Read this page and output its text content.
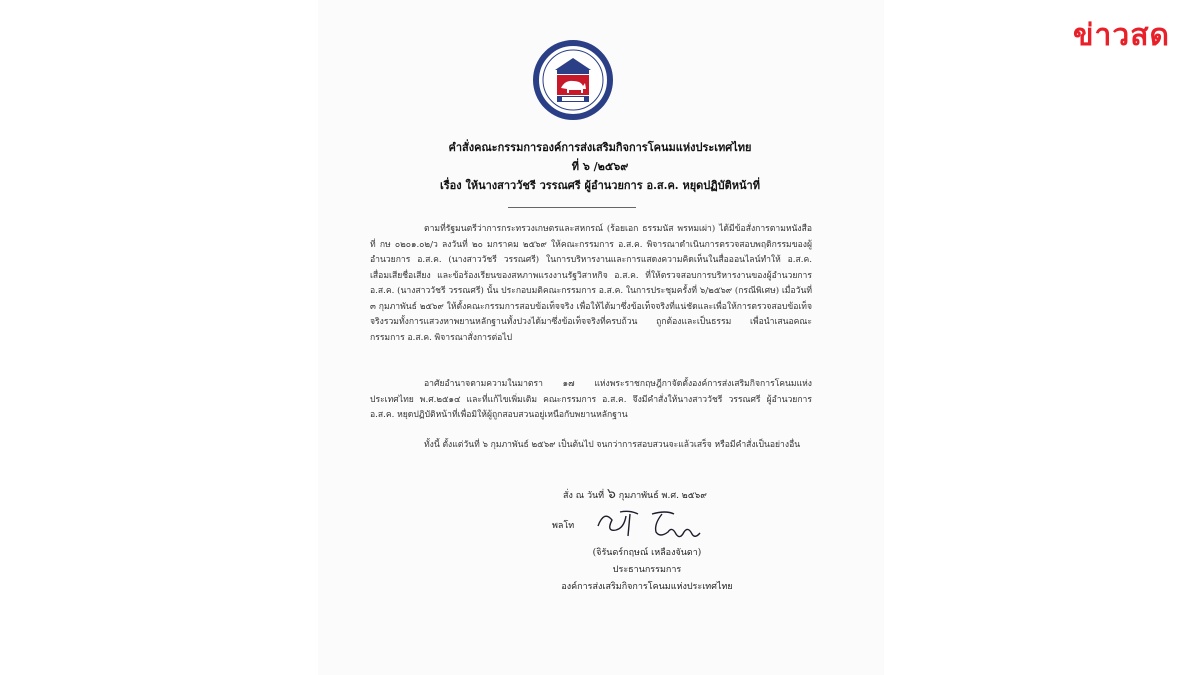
ข่าวสด
คำสั่งคณะกรรมการองค์การส่งเสริมกิจการโคนมแห่งประเทศไทย
ที่ ๖ /๒๕๖๙
เรื่อง ให้นางสาววัชรี วรรณศรี ผู้อำนวยการ อ.ส.ค. หยุดปฏิบัติหน้าที่

ตามที่รัฐมนตรีว่าการกระทรวงเกษตรและสหกรณ์ (ร้อยเอก ธรรมนัส พรหมเผ่า) ได้มีข้อสั่งการตามหนังสือที่ กษ ๐๒๐๑.๐๒/ว ลงวันที่ ๒๐ มกราคม ๒๕๖๙ ให้คณะกรรมการ อ.ส.ค. พิจารณาดำเนินการตรวจสอบพฤติกรรมของผู้อำนวยการ อ.ส.ค. (นางสาววัชรี วรรณศรี) ในการบริหารงานและการแสดงความคิดเห็นในสื่อออนไลน์ทำให้ อ.ส.ค. เสื่อมเสียชื่อเสียง และข้อร้องเรียนของสหภาพแรงงานรัฐวิสาหกิจ อ.ส.ค. ที่ให้ตรวจสอบการบริหารงานของผู้อำนวยการ อ.ส.ค. (นางสาววัชรี วรรณศรี) นั้น ประกอบมติคณะกรรมการ อ.ส.ค. ในการประชุมครั้งที่ ๖/๒๕๖๙ (กรณีพิเศษ) เมื่อวันที่ ๓ กุมภาพันธ์ ๒๕๖๙ ให้ตั้งคณะกรรมการสอบข้อเท็จจริง เพื่อให้ได้มาซึ่งข้อเท็จจริงที่แน่ชัดและเพื่อให้การตรวจสอบข้อเท็จจริงรวมทั้งการแสวงหาพยานหลักฐานทั้งปวงได้มาซึ่งข้อเท็จจริงที่ครบถ้วน ถูกต้องและเป็นธรรม เพื่อนำเสนอคณะกรรมการ อ.ส.ค. พิจารณาสั่งการต่อไป

อาศัยอำนาจตามความในมาตรา ๑๗ แห่งพระราชกฤษฎีกาจัดตั้งองค์การส่งเสริมกิจการโคนมแห่งประเทศไทย พ.ศ.๒๕๑๔ และที่แก้ไขเพิ่มเติม คณะกรรมการ อ.ส.ค. จึงมีคำสั่งให้นางสาววัชรี วรรณศรี ผู้อำนวยการ อ.ส.ค. หยุดปฏิบัติหน้าที่เพื่อมิให้ผู้ถูกสอบสวนอยู่เหนือกับพยานหลักฐาน

ทั้งนี้ ตั้งแต่วันที่ ๖ กุมภาพันธ์ ๒๕๖๙ เป็นต้นไป จนกว่าการสอบสวนจะแล้วเสร็จ หรือมีคำสั่งเป็นอย่างอื่น

สั่ง ณ วันที่ ๖ กุมภาพันธ์ พ.ศ. ๒๕๖๙
พลโท
(จิรันดร์กฤษณ์ เหลืองจันดา)
ประธานกรรมการ
องค์การส่งเสริมกิจการโคนมแห่งประเทศไทย
